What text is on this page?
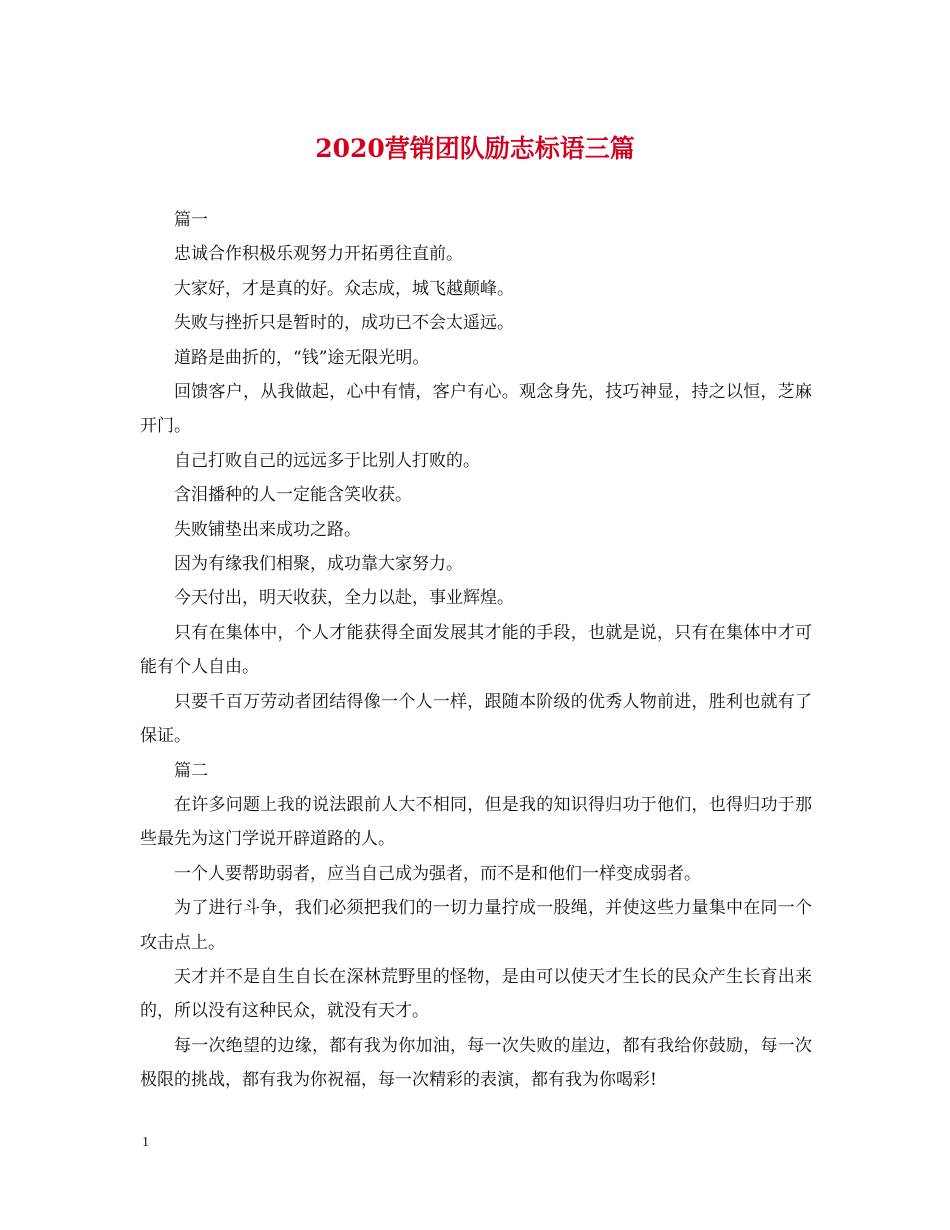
2020营销团队励志标语三篇

篇一

忠诚合作积极乐观努力开拓勇往直前。

大家好，才是真的好。众志成，城飞越颠峰。

失败与挫折只是暂时的，成功已不会太遥远。

道路是曲折的，“钱”途无限光明。

回馈客户，从我做起，心中有情，客户有心。观念身先，技巧神显，持之以恒，芝麻开门。

自己打败自己的远远多于比别人打败的。

含泪播种的人一定能含笑收获。

失败铺垫出来成功之路。

因为有缘我们相聚，成功靠大家努力。

今天付出，明天收获，全力以赴，事业辉煌。

只有在集体中，个人才能获得全面发展其才能的手段，也就是说，只有在集体中才可能有个人自由。

只要千百万劳动者团结得像一个人一样，跟随本阶级的优秀人物前进，胜利也就有了保证。

篇二

在许多问题上我的说法跟前人大不相同，但是我的知识得归功于他们，也得归功于那些最先为这门学说开辟道路的人。

一个人要帮助弱者，应当自己成为强者，而不是和他们一样变成弱者。

为了进行斗争，我们必须把我们的一切力量拧成一股绳，并使这些力量集中在同一个攻击点上。

天才并不是自生自长在深林荒野里的怪物，是由可以使天才生长的民众产生长育出来的，所以没有这种民众，就没有天才。

每一次绝望的边缘，都有我为你加油，每一次失败的崖边，都有我给你鼓励，每一次极限的挑战，都有我为你祝福，每一次精彩的表演，都有我为你喝彩!

1
